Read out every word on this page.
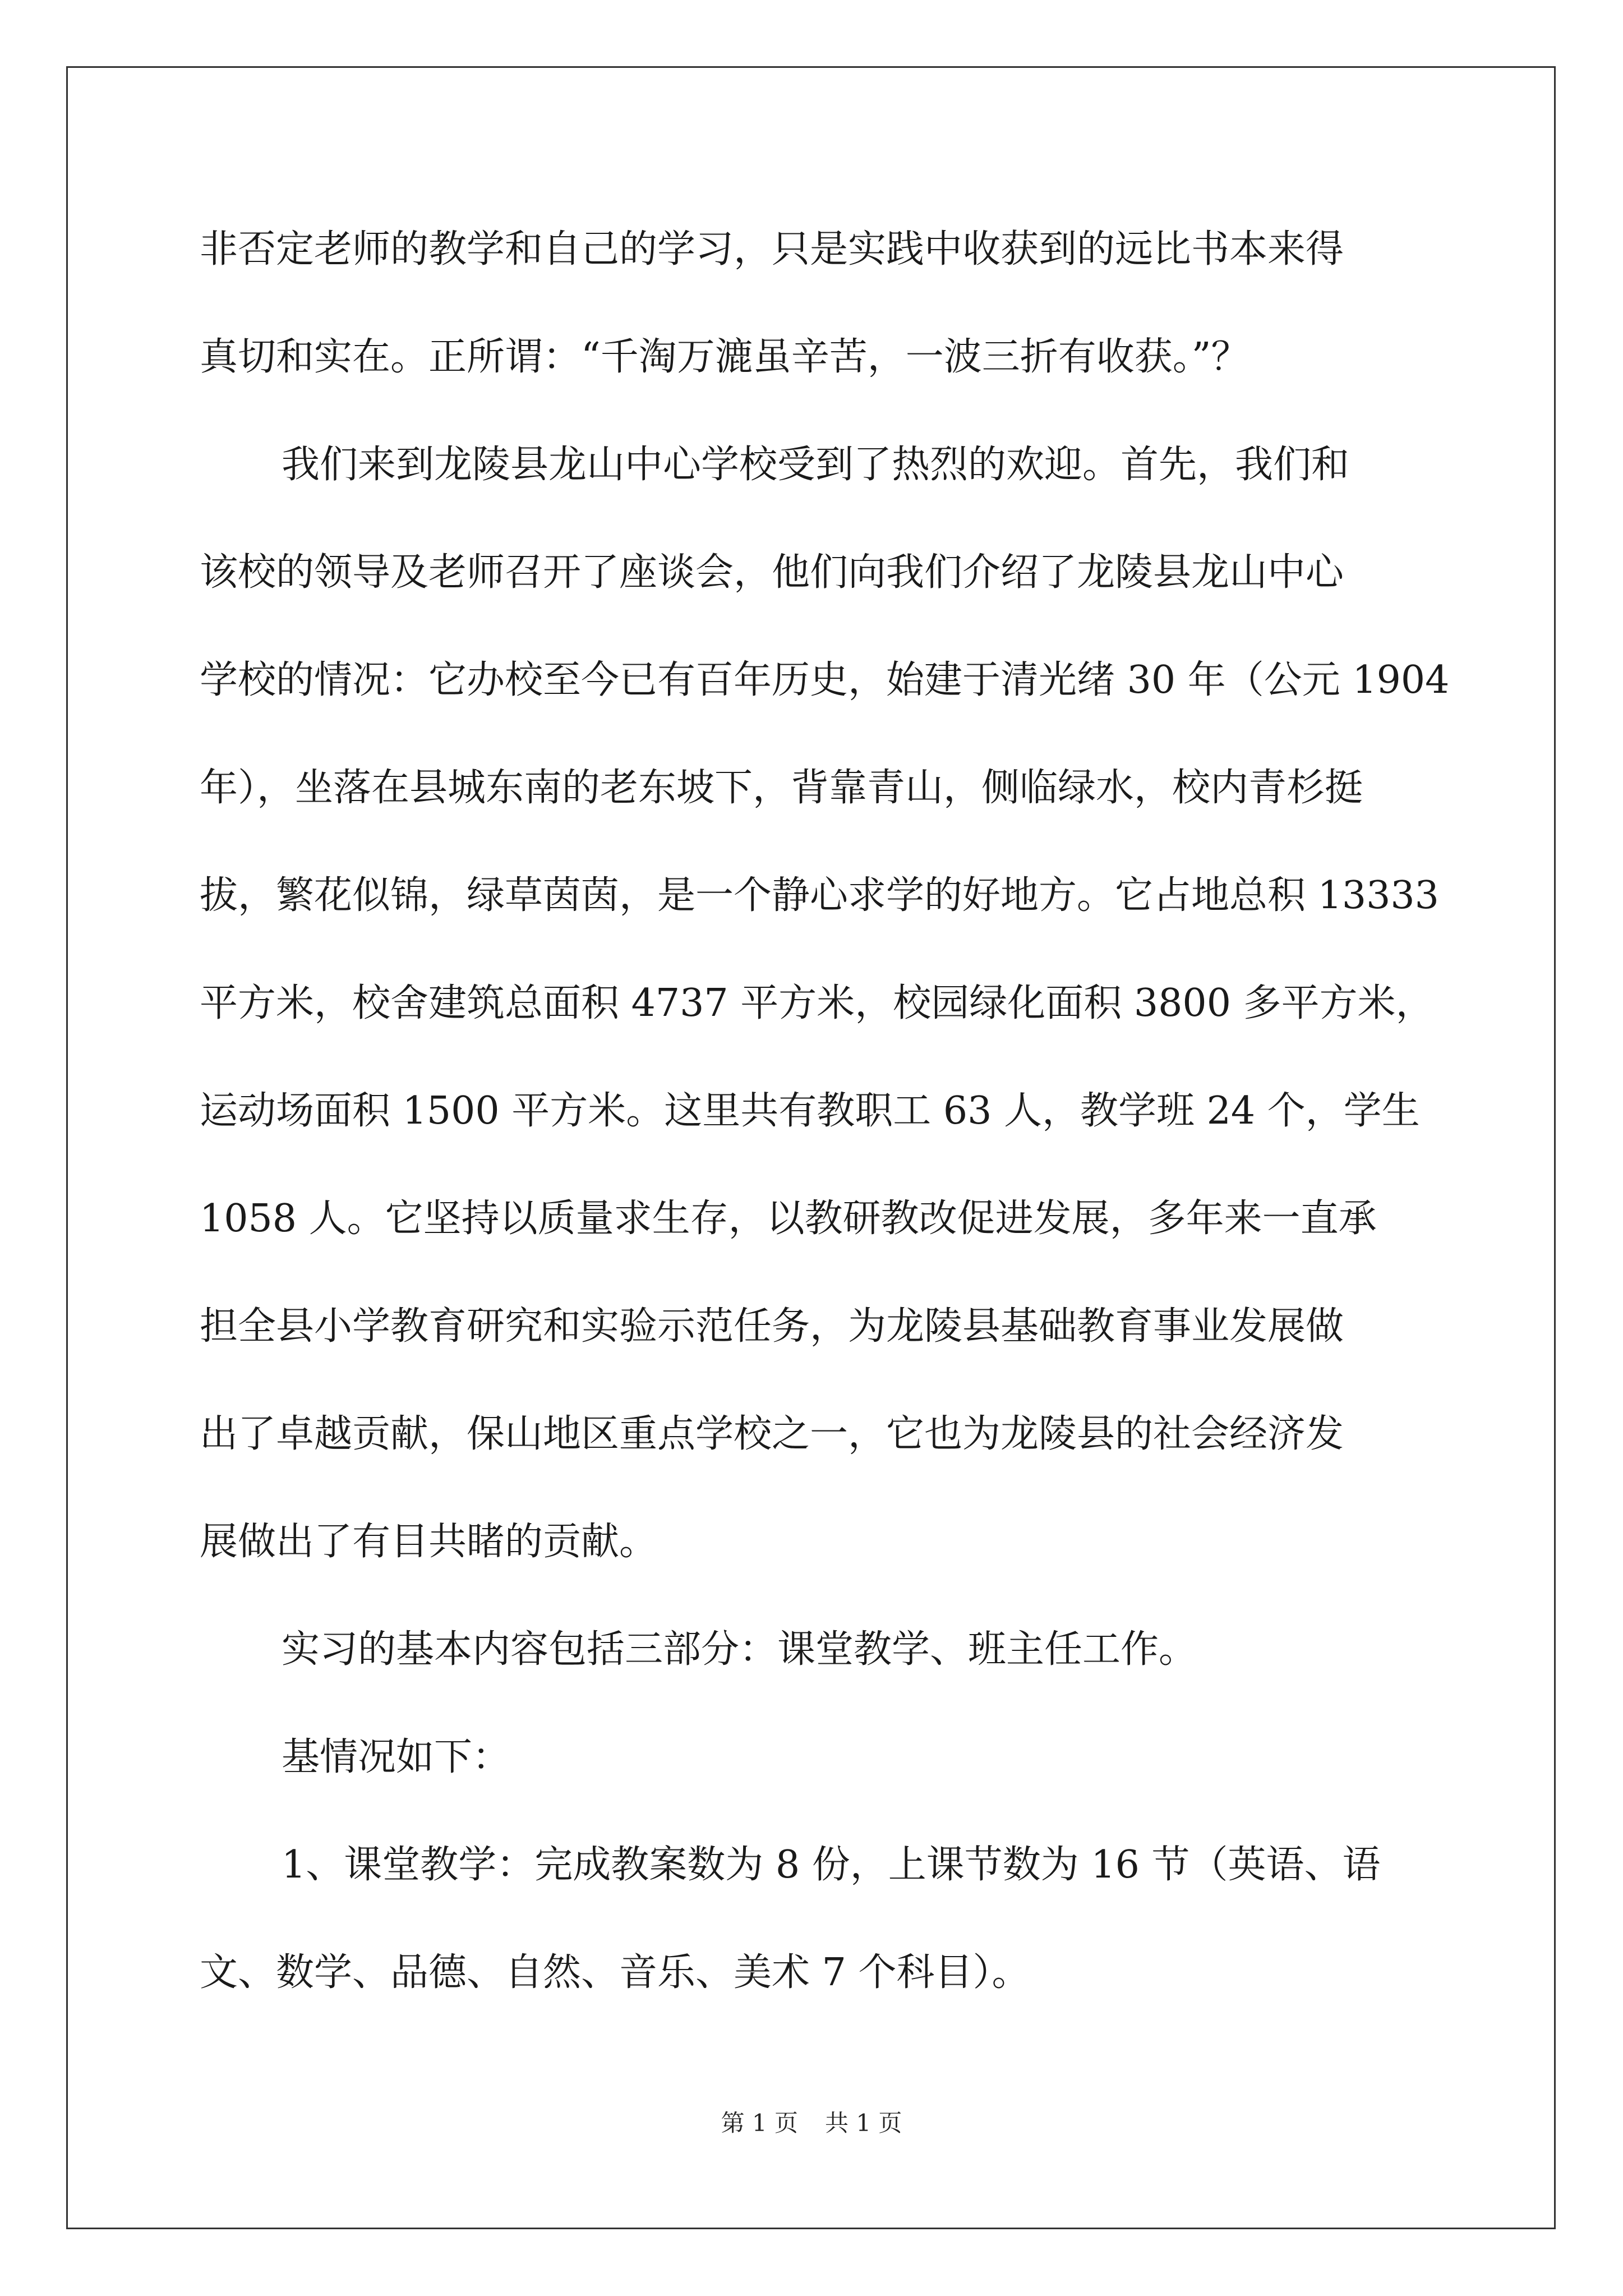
非否定老师的教学和自己的学习，只是实践中收获到的远比书本来得
真切和实在。正所谓：“千淘万漉虽辛苦，一波三折有收获。”？
我们来到龙陵县龙山中心学校受到了热烈的欢迎。首先，我们和
该校的领导及老师召开了座谈会，他们向我们介绍了龙陵县龙山中心
学校的情况：它办校至今已有百年历史，始建于清光绪 30 年（公元 1904
年），坐落在县城东南的老东坡下，背靠青山，侧临绿水，校内青杉挺
拔，繁花似锦，绿草茵茵，是一个静心求学的好地方。它占地总积 13333
平方米，校舍建筑总面积 4737 平方米，校园绿化面积 3800 多平方米，
运动场面积 1500 平方米。这里共有教职工 63 人，教学班 24 个，学生
1058 人。它坚持以质量求生存，以教研教改促进发展，多年来一直承
担全县小学教育研究和实验示范任务，为龙陵县基础教育事业发展做
出了卓越贡献，保山地区重点学校之一，它也为龙陵县的社会经济发
展做出了有目共睹的贡献。
实习的基本内容包括三部分：课堂教学、班主任工作。
基情况如下：
1、课堂教学：完成教案数为 8 份，上课节数为 16 节（英语、语
文、数学、品德、自然、音乐、美术 7 个科目）。
第 1 页 共 1 页
